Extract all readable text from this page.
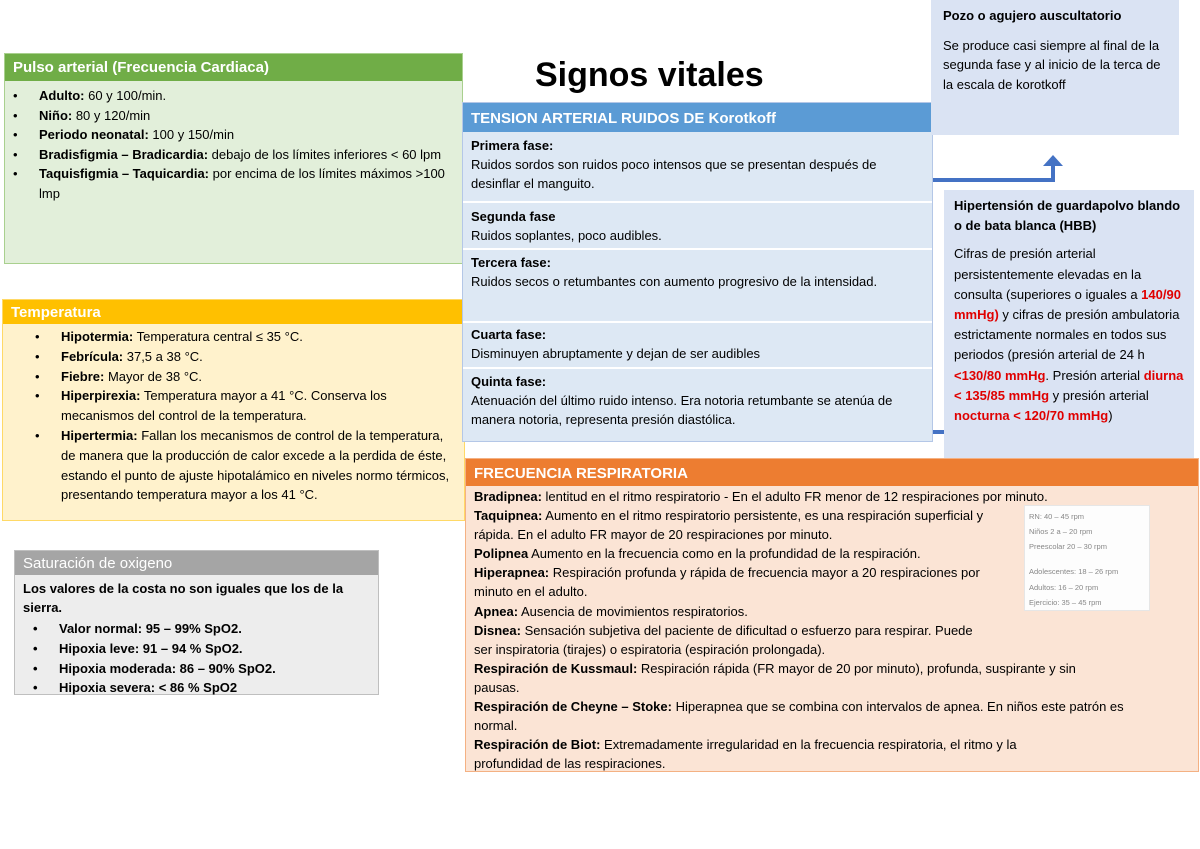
Signos vitales
Pulso arterial (Frecuencia Cardiaca)
• Adulto: 60 y 100/min.
• Niño: 80 y 120/min
• Periodo neonatal: 100 y 150/min
• Bradisfigmia – Bradicardia: debajo de los límites inferiores < 60 lpm
• Taquisfigmia – Taquicardia: por encima de los límites máximos >100 lmp
Temperatura
• Hipotermia: Temperatura central ≤ 35 °C.
• Febrícula: 37,5 a 38 °C.
• Fiebre: Mayor de 38 °C.
• Hiperpirexia: Temperatura mayor a 41 °C. Conserva los mecanismos del control de la temperatura.
• Hipertermia: Fallan los mecanismos de control de la temperatura, de manera que la producción de calor excede a la perdida de éste, estando el punto de ajuste hipotalámico en niveles normo térmicos, presentando temperatura mayor a los 41 °C.
Saturación de oxigeno
Los valores de la costa no son iguales que los de la sierra.
• Valor normal: 95 – 99% SpO2.
• Hipoxia leve: 91 – 94 % SpO2.
• Hipoxia moderada: 86 – 90% SpO2.
• Hipoxia severa: < 86 % SpO2
TENSION ARTERIAL RUIDOS DE Korotkoff
Primera fase:
Ruidos sordos son ruidos poco intensos que se presentan después de desinflar el manguito.
Segunda fase
Ruidos soplantes, poco audibles.
Tercera fase:
Ruidos secos o retumbantes con aumento progresivo de la intensidad.
Cuarta fase:
Disminuyen abruptamente y dejan de ser audibles
Quinta fase:
Atenuación del último ruido intenso. Era notoria retumbante se atenúa de manera notoria, representa presión diastólica.
Pozo o agujero auscultatorio
Se produce casi siempre al final de la segunda fase y al inicio de la terca de la escala de korotkoff
Hipertensión de guardapolvo blando o de bata blanca (HBB)
Cifras de presión arterial persistentemente elevadas en la consulta (superiores o iguales a 140/90 mmHg) y cifras de presión ambulatoria estrictamente normales en todos sus periodos (presión arterial de 24 h <130/80 mmHg. Presión arterial diurna < 135/85 mmHg y presión arterial nocturna < 120/70 mmHg)
FRECUENCIA RESPIRATORIA
Bradipnea: lentitud en el ritmo respiratorio - En el adulto FR menor de 12 respiraciones por minuto.
Taquipnea: Aumento en el ritmo respiratorio persistente, es una respiración superficial y rápida. En el adulto FR mayor de 20 respiraciones por minuto.
Polipnea Aumento en la frecuencia como en la profundidad de la respiración.
Hiperapnea: Respiración profunda y rápida de frecuencia mayor a 20 respiraciones por minuto en el adulto.
Apnea: Ausencia de movimientos respiratorios.
Disnea: Sensación subjetiva del paciente de dificultad o esfuerzo para respirar. Puede ser inspiratoria (tirajes) o espiratoria (espiración prolongada).
Respiración de Kussmaul: Respiración rápida (FR mayor de 20 por minuto), profunda, suspirante y sin pausas.
Respiración de Cheyne – Stoke: Hiperapnea que se combina con intervalos de apnea. En niños este patrón es normal.
Respiración de Biot: Extremadamente irregularidad en la frecuencia respiratoria, el ritmo y la profundidad de las respiraciones.
RN: 40 – 45 rpm
Niños 2 a – 20 rpm
Preescolar 20 – 30 rpm
Adolescentes: 18 – 26 rpm
Adultos: 16 – 20 rpm
Ejercicio: 35 – 45 rpm
